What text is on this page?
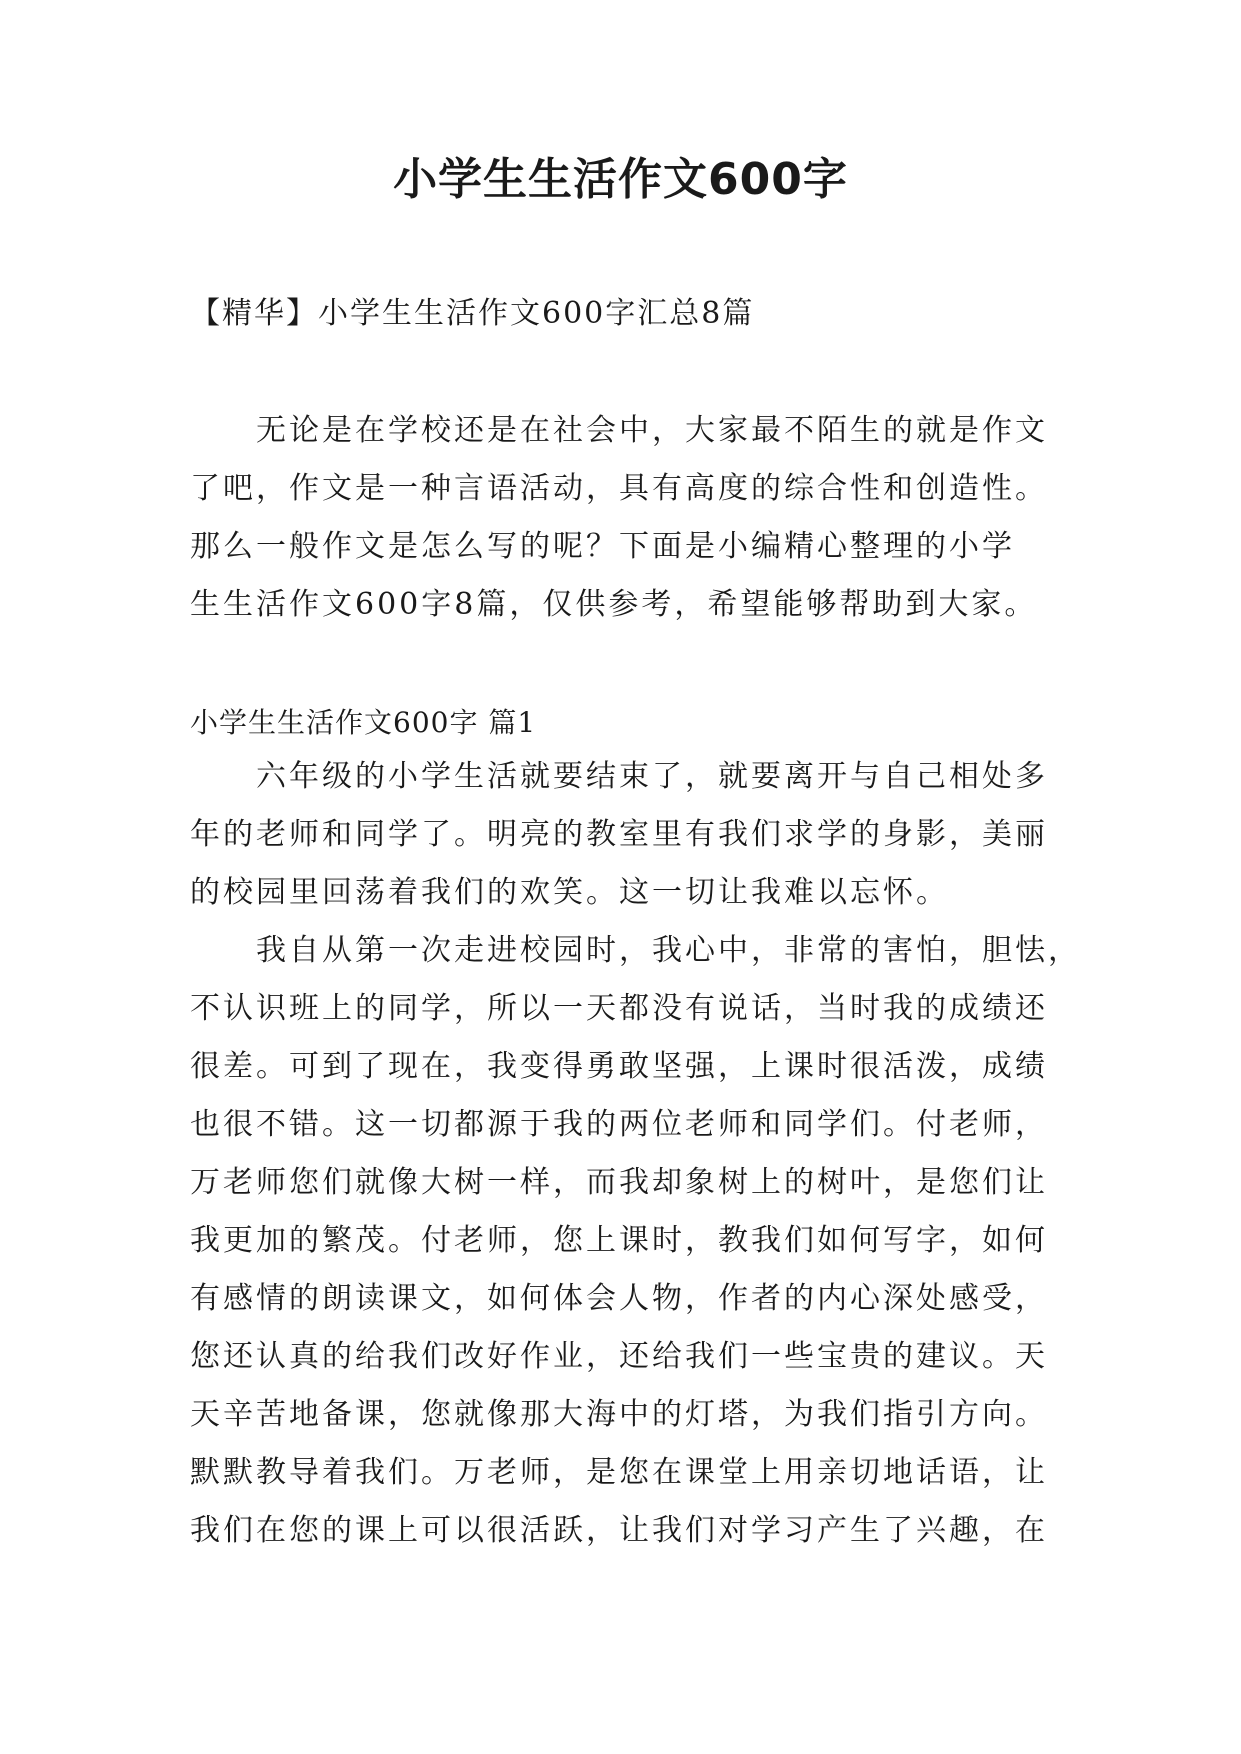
小学生生活作文600字
【精华】小学生生活作文600字汇总8篇
　　无论是在学校还是在社会中，大家最不陌生的就是作文
了吧，作文是一种言语活动，具有高度的综合性和创造性。
那么一般作文是怎么写的呢？下面是小编精心整理的小学
生生活作文600字8篇，仅供参考，希望能够帮助到大家。
小学生生活作文600字 篇1
　　六年级的小学生活就要结束了，就要离开与自己相处多
年的老师和同学了。明亮的教室里有我们求学的身影，美丽
的校园里回荡着我们的欢笑。这一切让我难以忘怀。
　　我自从第一次走进校园时，我心中，非常的害怕，胆怯，
不认识班上的同学，所以一天都没有说话，当时我的成绩还
很差。可到了现在，我变得勇敢坚强，上课时很活泼，成绩
也很不错。这一切都源于我的两位老师和同学们。付老师，
万老师您们就像大树一样，而我却象树上的树叶，是您们让
我更加的繁茂。付老师，您上课时，教我们如何写字，如何
有感情的朗读课文，如何体会人物，作者的内心深处感受，
您还认真的给我们改好作业，还给我们一些宝贵的建议。天
天辛苦地备课，您就像那大海中的灯塔，为我们指引方向。
默默教导着我们。万老师，是您在课堂上用亲切地话语，让
我们在您的课上可以很活跃，让我们对学习产生了兴趣，在
